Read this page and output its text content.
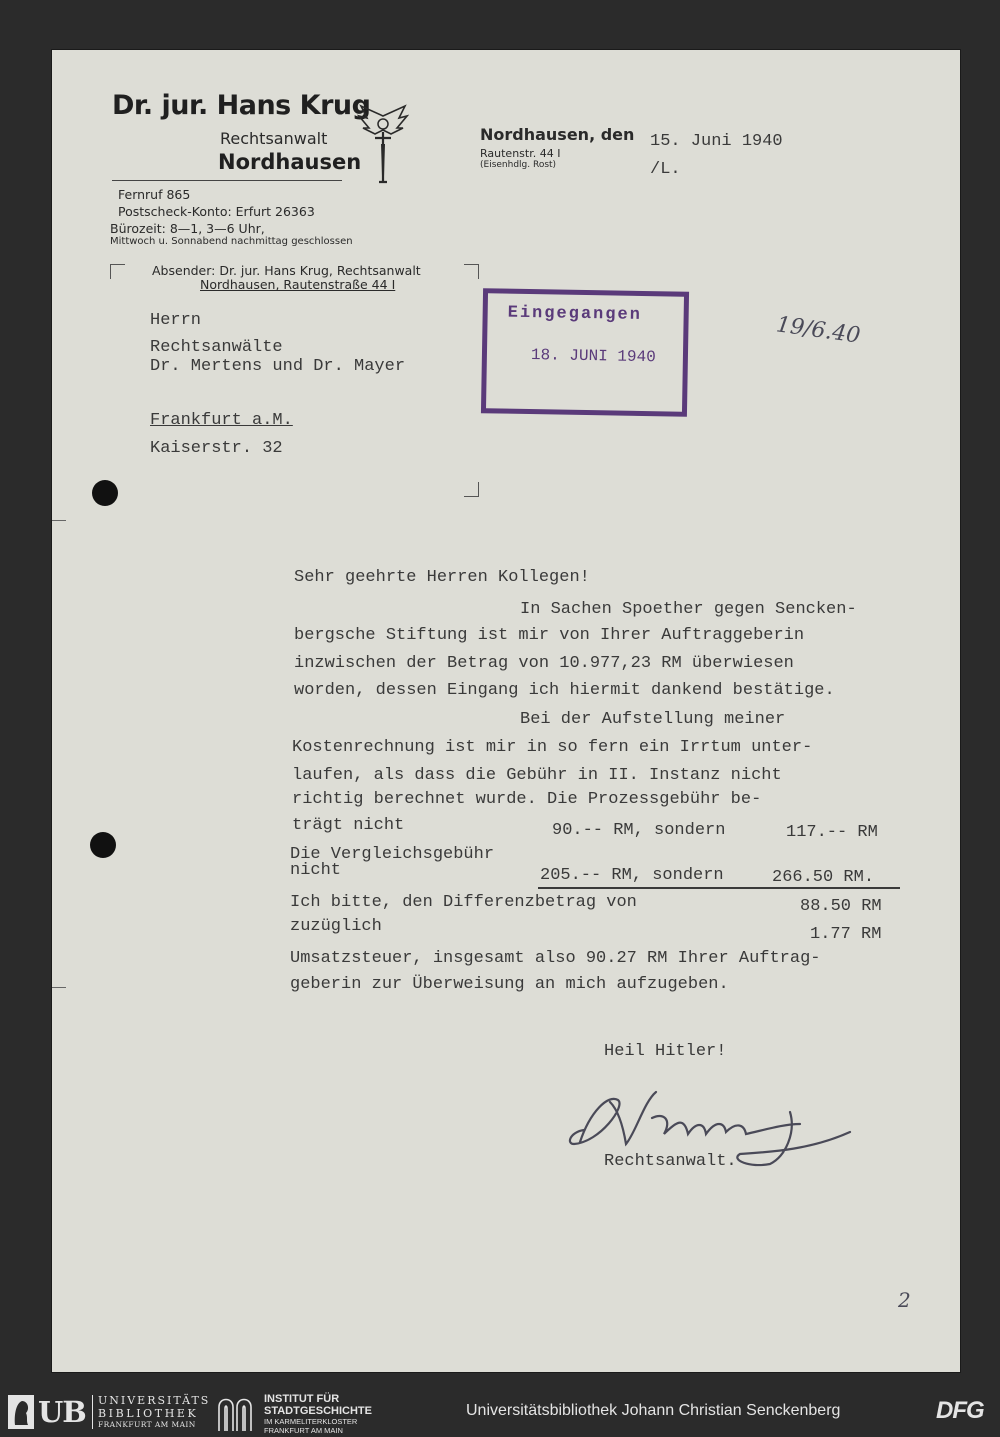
Dr. jur. Hans Krug
Rechtsanwalt
Nordhausen
Fernruf 865
Postscheck-Konto: Erfurt 26363
Bürozeit: 8—1, 3—6 Uhr,
Mittwoch u. Sonnabend nachmittag geschlossen
Nordhausen, den
Rautenstr. 44 I
(Eisenhdlg. Rost)
15. Juni 1940
/L.
Absender: Dr. jur. Hans Krug, Rechtsanwalt
Nordhausen, Rautenstraße 44 I
Herrn
Rechtsanwälte
Dr. Mertens und Dr. Mayer
Frankfurt a.M.
Kaiserstr. 32
Eingegangen
18. JUNI 1940
19/6.40
Sehr geehrte Herren Kollegen!
In Sachen Spoether gegen Sencken-
bergsche Stiftung ist mir von Ihrer Auftraggeberin
inzwischen der Betrag von 10.977,23 RM überwiesen
worden, dessen Eingang ich hiermit dankend bestätige.
Bei der Aufstellung meiner
Kostenrechnung ist mir in so fern ein Irrtum unter-
laufen, als dass die Gebühr in II. Instanz nicht
richtig berechnet wurde. Die Prozessgebühr be-
trägt nicht	90.-- RM, sondern	117.-- RM
Die Vergleichsgebühr
nicht	205.-- RM, sondern	266.50 RM.
Ich bitte, den Differenzbetrag von	88.50 RM
zuzüglich	1.77 RM
Umsatzsteuer, insgesamt also 90.27 RM Ihrer Auftrag-
geberin zur Überweisung an mich aufzugeben.
Heil Hitler!
Rechtsanwalt.
2
UB UNIVERSITÄTS
BIBLIOTHEK
FRANKFURT AM MAIN
INSTITUT FÜR
STADTGESCHICHTE
IM KARMELITERKLOSTER
FRANKFURT AM MAIN
Universitätsbibliothek Johann Christian Senckenberg	DFG
